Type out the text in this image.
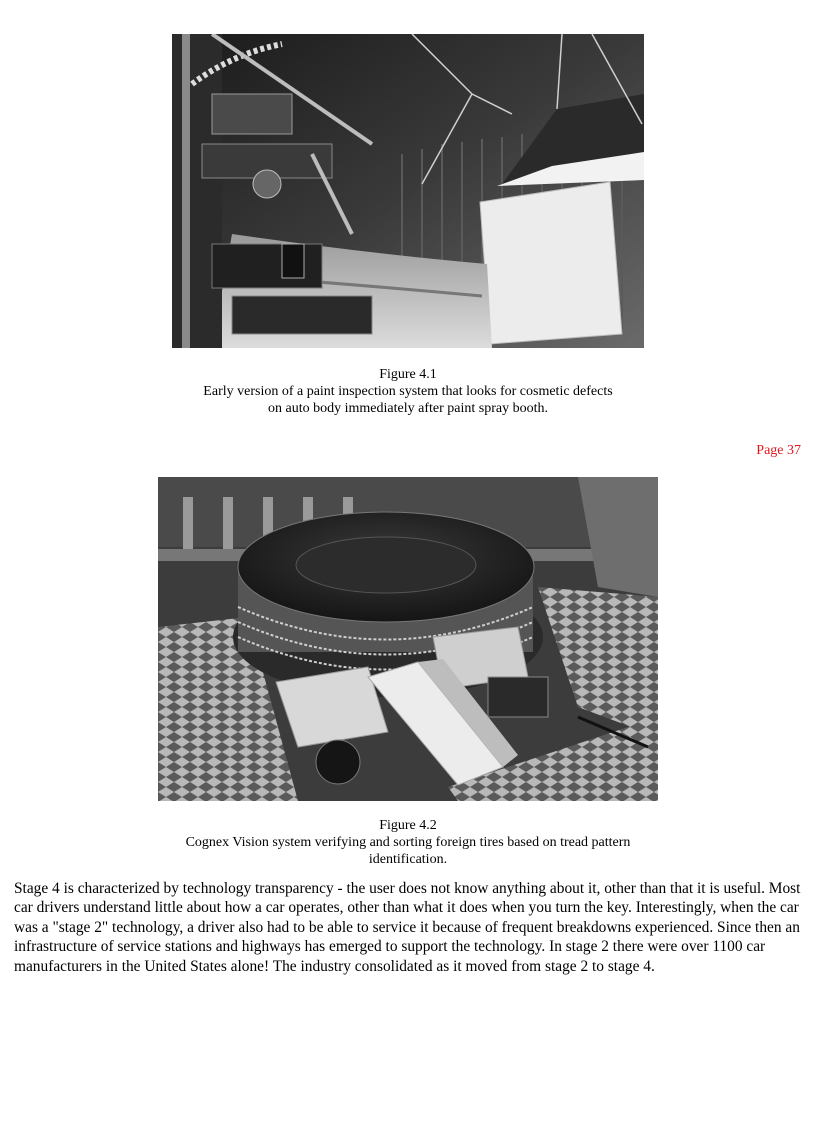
Figure 4.1
Early version of a paint inspection system that looks for cosmetic defects
on auto body immediately after paint spray booth.
Page 37
Figure 4.2
Cognex Vision system verifying and sorting foreign tires based on tread pattern
identification.

Stage 4 is characterized by technology transparency - the user does not know anything about it, other than that it is useful. Most car drivers understand little about how a car operates, other than what it does when you turn the key. Interestingly, when the car was a "stage 2" technology, a driver also had to be able to service it because of frequent breakdowns experienced. Since then an infrastructure of service stations and highways has emerged to support the technology. In stage 2 there were over 1100 car manufacturers in the United States alone! The industry consolidated as it moved from stage 2 to stage 4.
